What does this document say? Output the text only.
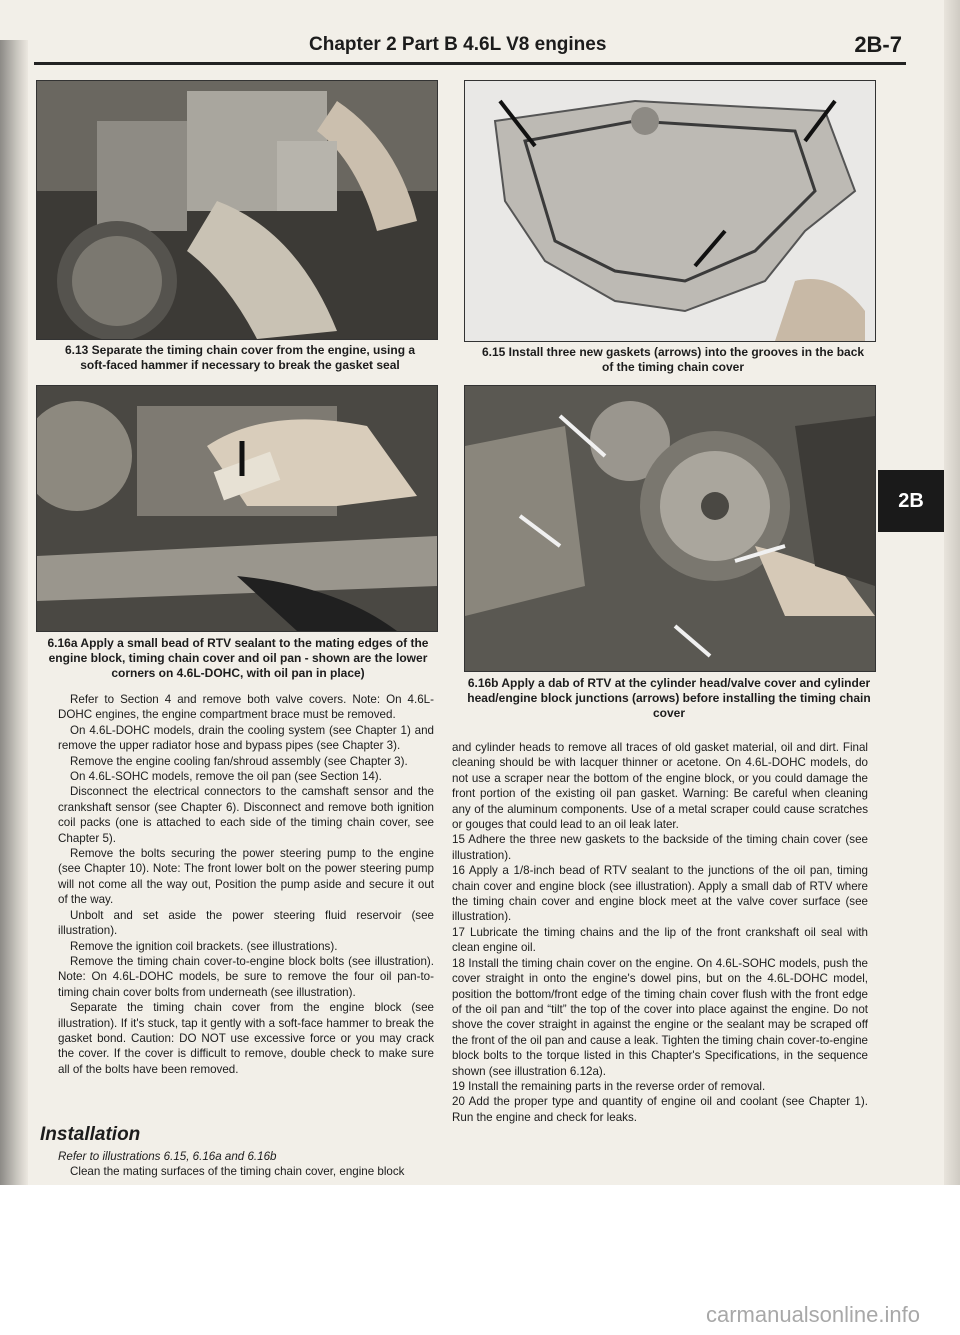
Chapter 2 Part B 4.6L V8 engines	2B-7
6.13 Separate the timing chain cover from the engine, using a soft-faced hammer if necessary to break the gasket seal
6.15 Install three new gaskets (arrows) into the grooves in the back of the timing chain cover
6.16a Apply a small bead of RTV sealant to the mating edges of the engine block, timing chain cover and oil pan - shown are the lower corners on 4.6L-DOHC, with oil pan in place)
6.16b Apply a dab of RTV at the cylinder head/valve cover and cylinder head/engine block junctions (arrows) before installing the timing chain cover
2B

Refer to Section 4 and remove both valve covers. Note: On 4.6L-DOHC engines, the engine compartment brace must be removed.

On 4.6L-DOHC models, drain the cooling system (see Chapter 1) and remove the upper radiator hose and bypass pipes (see Chapter 3).

Remove the engine cooling fan/shroud assembly (see Chapter 3).

On 4.6L-SOHC models, remove the oil pan (see Section 14).

Disconnect the electrical connectors to the camshaft sensor and the crankshaft sensor (see Chapter 6). Disconnect and remove both ignition coil packs (one is attached to each side of the timing chain cover, see Chapter 5).

Remove the bolts securing the power steering pump to the engine (see Chapter 10). Note: The front lower bolt on the power steering pump will not come all the way out, Position the pump aside and secure it out of the way.

Unbolt and set aside the power steering fluid reservoir (see illustration).

Remove the ignition coil brackets. (see illustrations).

Remove the timing chain cover-to-engine block bolts (see illustration). Note: On 4.6L-DOHC models, be sure to remove the four oil pan-to-timing chain cover bolts from underneath (see illustration).

Separate the timing chain cover from the engine block (see illustration). If it's stuck, tap it gently with a soft-face hammer to break the gasket bond. Caution: DO NOT use excessive force or you may crack the cover. If the cover is difficult to remove, double check to make sure all of the bolts have been removed.

Installation

Refer to illustrations 6.15, 6.16a and 6.16b

Clean the mating surfaces of the timing chain cover, engine block

and cylinder heads to remove all traces of old gasket material, oil and dirt. Final cleaning should be with lacquer thinner or acetone. On 4.6L-DOHC models, do not use a scraper near the bottom of the engine block, or you could damage the front portion of the existing oil pan gasket. Warning: Be careful when cleaning any of the aluminum components. Use of a metal scraper could cause scratches or gouges that could lead to an oil leak later.

15 Adhere the three new gaskets to the backside of the timing chain cover (see illustration).

16 Apply a 1/8-inch bead of RTV sealant to the junctions of the oil pan, timing chain cover and engine block (see illustration). Apply a small dab of RTV where the timing chain cover and engine block meet at the valve cover surface (see illustration).

17 Lubricate the timing chains and the lip of the front crankshaft oil seal with clean engine oil.

18 Install the timing chain cover on the engine. On 4.6L-SOHC models, push the cover straight in onto the engine's dowel pins, but on the 4.6L-DOHC model, position the bottom/front edge of the timing chain cover flush with the front edge of the oil pan and “tilt” the top of the cover into place against the engine. Do not shove the cover straight in against the engine or the sealant may be scraped off the front of the oil pan and cause a leak. Tighten the timing chain cover-to-engine block bolts to the torque listed in this Chapter's Specifications, in the sequence shown (see illustration 6.12a).

19 Install the remaining parts in the reverse order of removal.

20 Add the proper type and quantity of engine oil and coolant (see Chapter 1). Run the engine and check for leaks.

carmanualsonline.info
